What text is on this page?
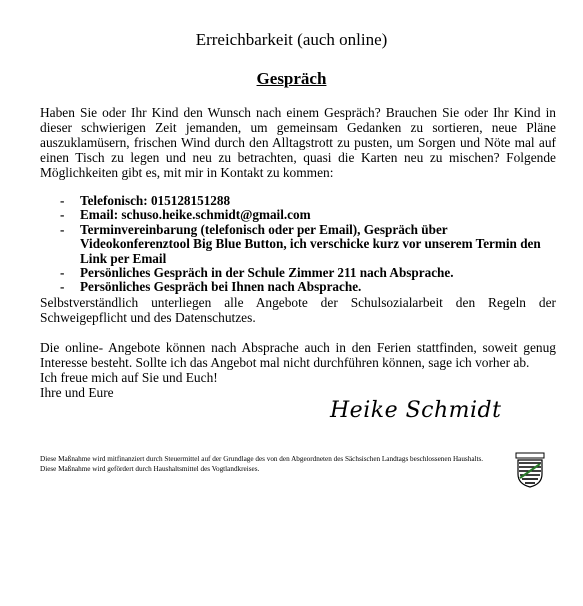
Erreichbarkeit (auch online)
Gespräch
Haben Sie oder Ihr Kind den Wunsch nach einem Gespräch? Brauchen Sie oder Ihr Kind in dieser schwierigen Zeit jemanden, um gemeinsam Gedanken zu sortieren, neue Pläne auszuklamüsern, frischen Wind durch den Alltagstrott zu pusten, um Sorgen und Nöte mal auf einen Tisch zu legen und neu zu betrachten, quasi die Karten neu zu mischen? Folgende Möglichkeiten gibt es, mit mir in Kontakt zu kommen:
- Telefonisch: 015128151288
- Email: schuso.heike.schmidt@gmail.com
- Terminvereinbarung (telefonisch oder per Email), Gespräch über Videokonferenztool Big Blue Button, ich verschicke kurz vor unserem Termin den Link per Email
- Persönliches Gespräch in der Schule Zimmer 211 nach Absprache.
- Persönliches Gespräch bei Ihnen nach Absprache.
Selbstverständlich unterliegen alle Angebote der Schulsozialarbeit den Regeln der Schweigepflicht und des Datenschutzes.
Die online- Angebote können nach Absprache auch in den Ferien stattfinden, soweit genug Interesse besteht. Sollte ich das Angebot mal nicht durchführen können, sage ich vorher ab.
Ich freue mich auf Sie und Euch!
Ihre und Eure
Heike Schmidt
Diese Maßnahme wird mitfinanziert durch Steuermittel auf der Grundlage des von den Abgeordneten des Sächsischen Landtags beschlossenen Haushalts. Diese Maßnahme wird gefördert durch Haushaltsmittel des Vogtlandkreises.
